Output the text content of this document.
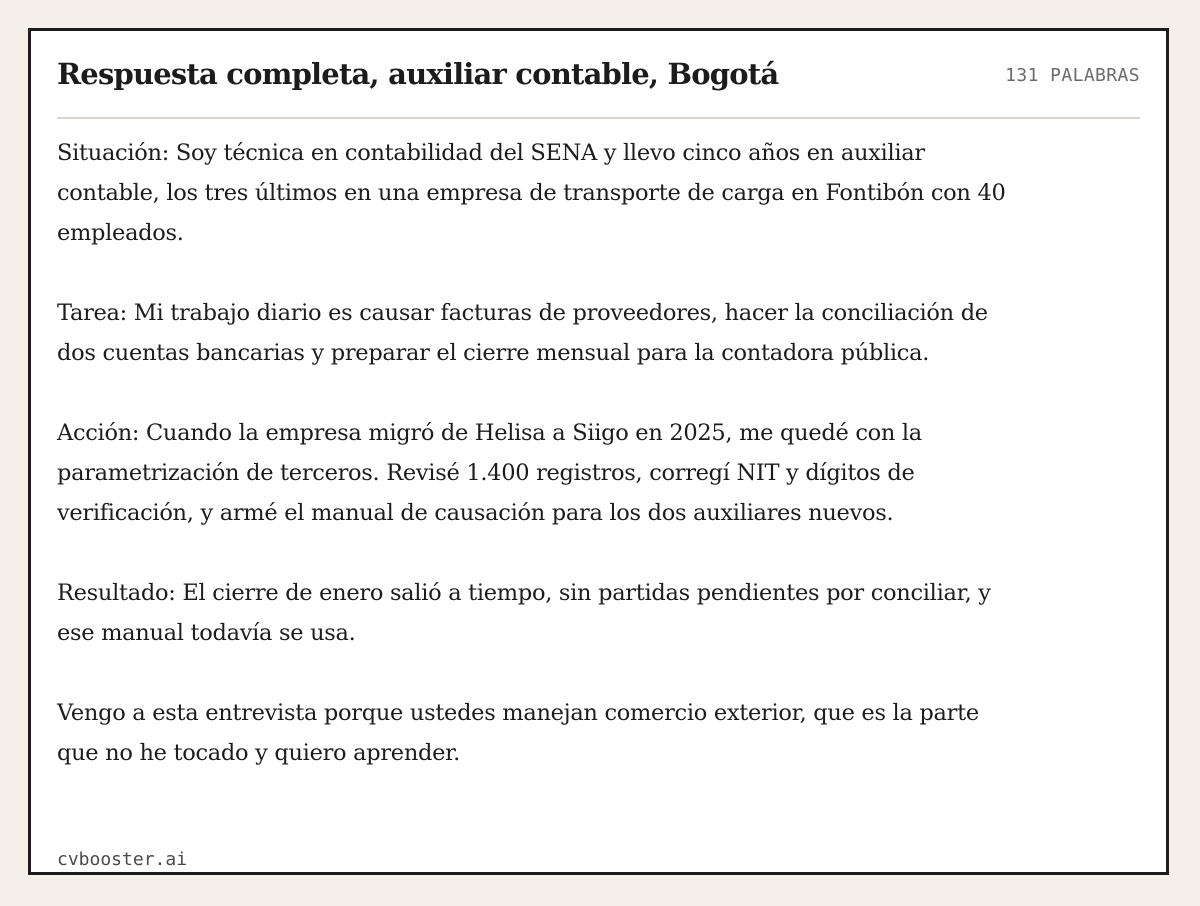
Respuesta completa, auxiliar contable, Bogotá	131 PALABRAS

Situación: Soy técnica en contabilidad del SENA y llevo cinco años en auxiliar contable, los tres últimos en una empresa de transporte de carga en Fontibón con 40 empleados.

Tarea: Mi trabajo diario es causar facturas de proveedores, hacer la conciliación de dos cuentas bancarias y preparar el cierre mensual para la contadora pública.

Acción: Cuando la empresa migró de Helisa a Siigo en 2025, me quedé con la parametrización de terceros. Revisé 1.400 registros, corregí NIT y dígitos de verificación, y armé el manual de causación para los dos auxiliares nuevos.

Resultado: El cierre de enero salió a tiempo, sin partidas pendientes por conciliar, y ese manual todavía se usa.

Vengo a esta entrevista porque ustedes manejan comercio exterior, que es la parte que no he tocado y quiero aprender.

cvbooster.ai
